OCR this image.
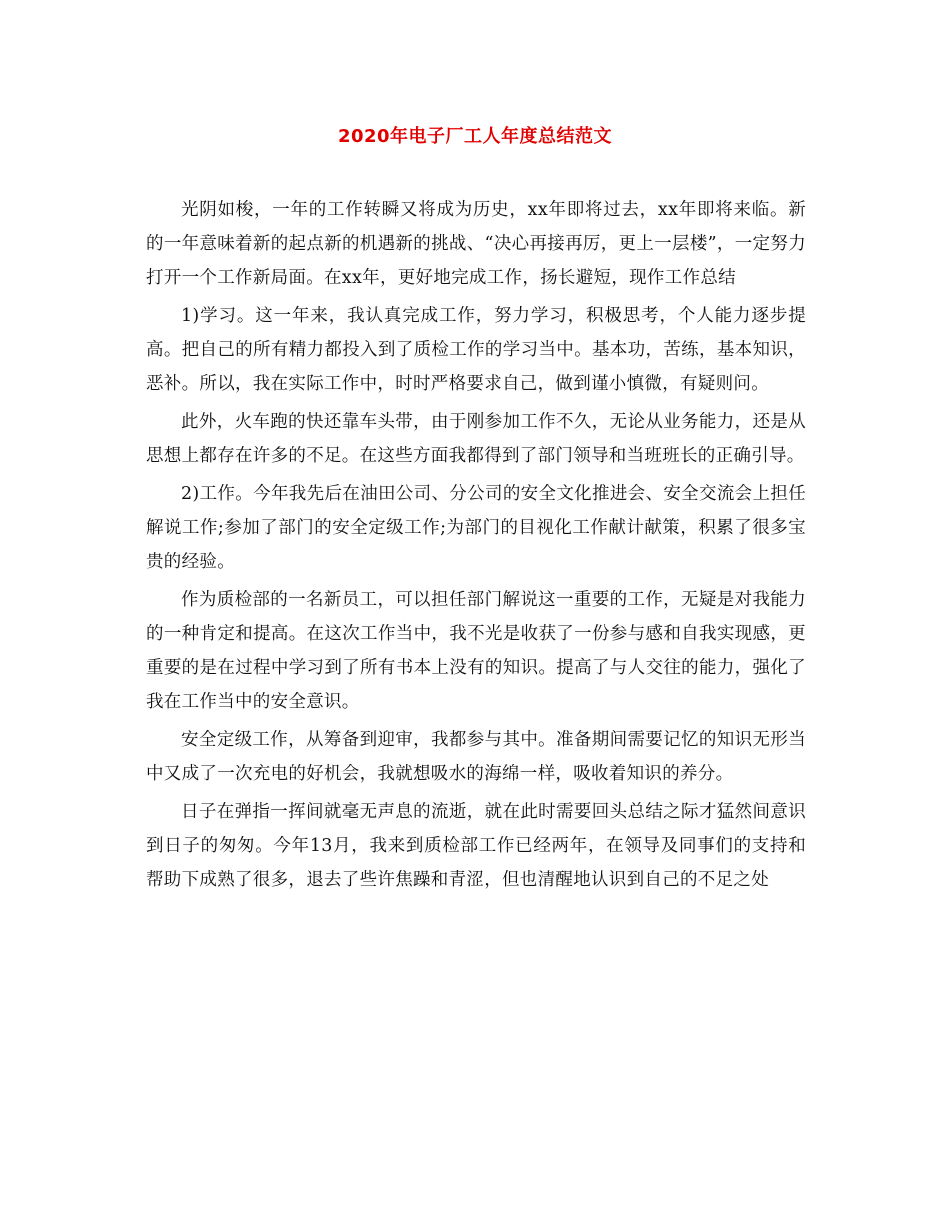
2020年电子厂工人年度总结范文

光阴如梭，一年的工作转瞬又将成为历史，xx年即将过去，xx年即将来临。新的一年意味着新的起点新的机遇新的挑战、“决心再接再厉，更上一层楼”，一定努力打开一个工作新局面。在xx年，更好地完成工作，扬长避短，现作工作总结

1)学习。这一年来，我认真完成工作，努力学习，积极思考，个人能力逐步提高。把自己的所有精力都投入到了质检工作的学习当中。基本功，苦练，基本知识，恶补。所以，我在实际工作中，时时严格要求自己，做到谨小慎微，有疑则问。

此外，火车跑的快还靠车头带，由于刚参加工作不久，无论从业务能力，还是从思想上都存在许多的不足。在这些方面我都得到了部门领导和当班班长的正确引导。

2)工作。今年我先后在油田公司、分公司的安全文化推进会、安全交流会上担任解说工作;参加了部门的安全定级工作;为部门的目视化工作献计献策，积累了很多宝贵的经验。

作为质检部的一名新员工，可以担任部门解说这一重要的工作，无疑是对我能力的一种肯定和提高。在这次工作当中，我不光是收获了一份参与感和自我实现感，更重要的是在过程中学习到了所有书本上没有的知识。提高了与人交往的能力，强化了我在工作当中的安全意识。

安全定级工作，从筹备到迎审，我都参与其中。准备期间需要记忆的知识无形当中又成了一次充电的好机会，我就想吸水的海绵一样，吸收着知识的养分。

日子在弹指一挥间就毫无声息的流逝，就在此时需要回头总结之际才猛然间意识到日子的匆匆。今年13月，我来到质检部工作已经两年，在领导及同事们的支持和帮助下成熟了很多，退去了些许焦躁和青涩，但也清醒地认识到自己的不足之处
